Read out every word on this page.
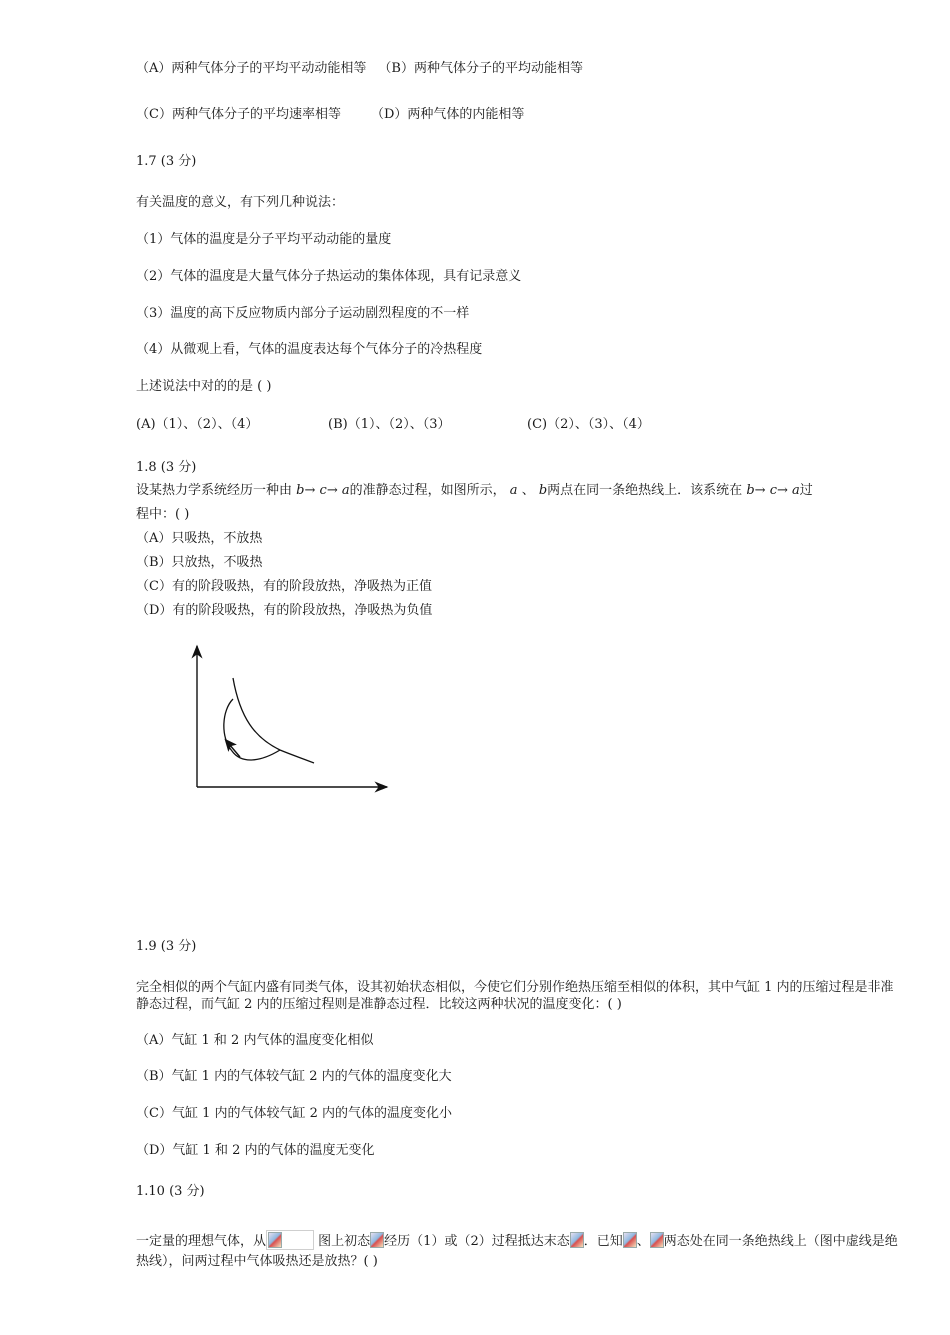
（A）两种气体分子的平均平动动能相等 （B）两种气体分子的平均动能相等
（C）两种气体分子的平均速率相等 （D）两种气体的内能相等
1.7 (3 分)
有关温度的意义，有下列几种说法：
（1）气体的温度是分子平均平动动能的量度
（2）气体的温度是大量气体分子热运动的集体体现，具有记录意义
（3）温度的高下反应物质内部分子运动剧烈程度的不一样
（4）从微观上看，气体的温度表达每个气体分子的冷热程度
上述说法中对的的是 ( )
(A)（1）、（2）、（4）	(B)（1）、（2）、（3）	(C)（2）、（3）、（4）
1.8 (3 分)
设某热力学系统经历一种由 b→ c→ a的准静态过程，如图所示， a 、 b两点在同一条绝热线上．该系统在 b→ c→ a过
程中：( )
（A）只吸热，不放热
（B）只放热，不吸热
（C）有的阶段吸热，有的阶段放热，净吸热为正值
（D）有的阶段吸热，有的阶段放热，净吸热为负值
1.9 (3 分)
完全相似的两个气缸内盛有同类气体，设其初始状态相似，今使它们分别作绝热压缩至相似的体积，其中气缸 1 内的压缩过程是非准静态过程，而气缸 2 内的压缩过程则是准静态过程．比较这两种状况的温度变化：( )
（A）气缸 1 和 2 内气体的温度变化相似
（B）气缸 1 内的气体较气缸 2 内的气体的温度变化大
（C）气缸 1 内的气体较气缸 2 内的气体的温度变化小
（D）气缸 1 和 2 内的气体的温度无变化
1.10 (3 分)
一定量的理想气体，从	图上初态 经历（1）或（2）过程抵达末态 ．已知 、 两态处在同一条绝热线上（图中虚线是绝热线），问两过程中气体吸热还是放热？( )
